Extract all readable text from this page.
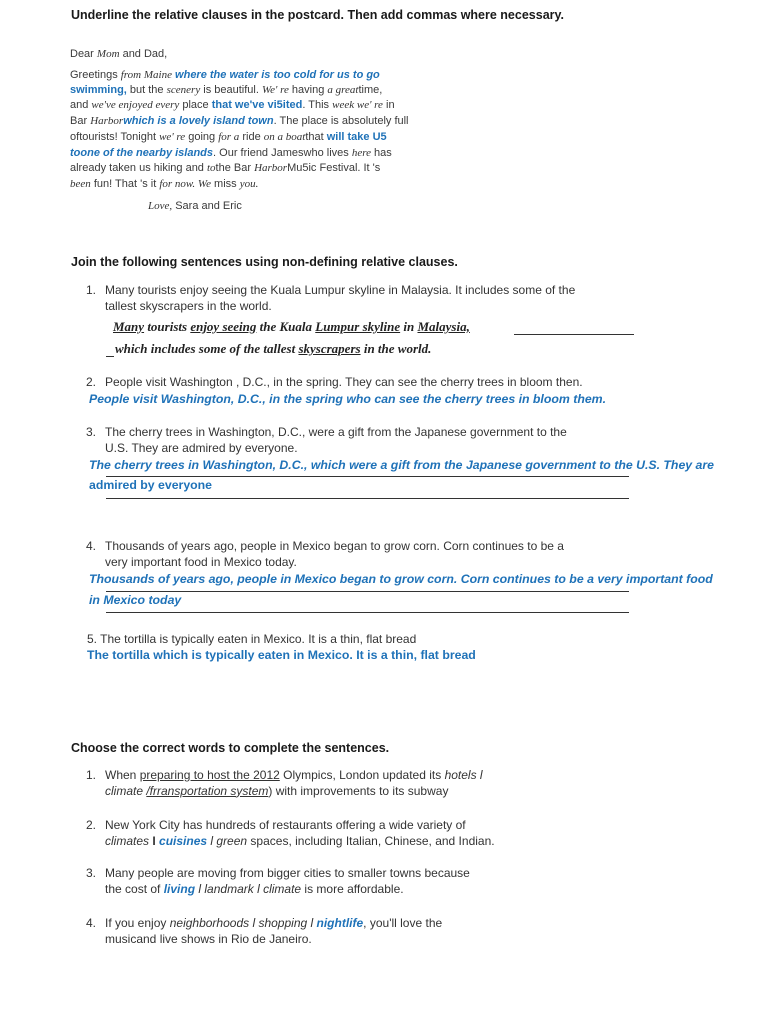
Underline the relative clauses in the postcard. Then add commas where necessary.
Dear Mom and Dad,
Greetings from Maine where the water is too cold for us to go
swimming, but the scenery is beautiful. We' re having a greattime,
and we've enjoyed every place that we've vi5ited. This week we' re in
Bar Harborwhich is a lovely island town. The place is absolutely full
oftourists! Tonight we' re going for a ride on a boatthat will take U5
toone of the nearby islands. Our friend Jameswho lives here has
already taken us hiking and tothe Bar HarborMu5ic Festival. It 's
been fun! That 's it for now. We miss you.
Love, Sara and Eric
Join the following sentences using non-defining relative clauses.
1. Many tourists enjoy seeing the Kuala Lumpur skyline in Malaysia. It includes some of the
tallest skyscrapers in the world.
Many tourists enjoy seeing the Kuala Lumpur skyline in Malaysia,
which includes some of the tallest skyscrapers in the world.
2. People visit Washington , D.C., in the spring. They can see the cherry trees in bloom then.
People visit Washington, D.C., in the spring who can see the cherry trees in bloom them.
3. The cherry trees in Washington, D.C., were a gift from the Japanese government to the
U.S. They are admired by everyone.
The cherry trees in Washington, D.C., which were a gift from the Japanese government to the U.S. They are
admired by everyone
4. Thousands of years ago, people in Mexico began to grow corn. Corn continues to be a
very important food in Mexico today.
Thousands of years ago, people in Mexico began to grow corn. Corn continues to be a very important food
in Mexico today
5. The tortilla is typically eaten in Mexico. It is a thin, flat bread
The tortilla which is typically eaten in Mexico. It is a thin, flat bread
Choose the correct words to complete the sentences.
1. When preparing to host the 2012 Olympics, London updated its hotels l
climate /frransportation system) with improvements to its subway
2. New York City has hundreds of restaurants offering a wide variety of
climates I cuisines l green spaces, including Italian, Chinese, and Indian.
3. Many people are moving from bigger cities to smaller towns because
the cost of living l landmark l climate is more affordable.
4. If you enjoy neighborhoods l shopping l nightlife, you'll love the
musicand live shows in Rio de Janeiro.
